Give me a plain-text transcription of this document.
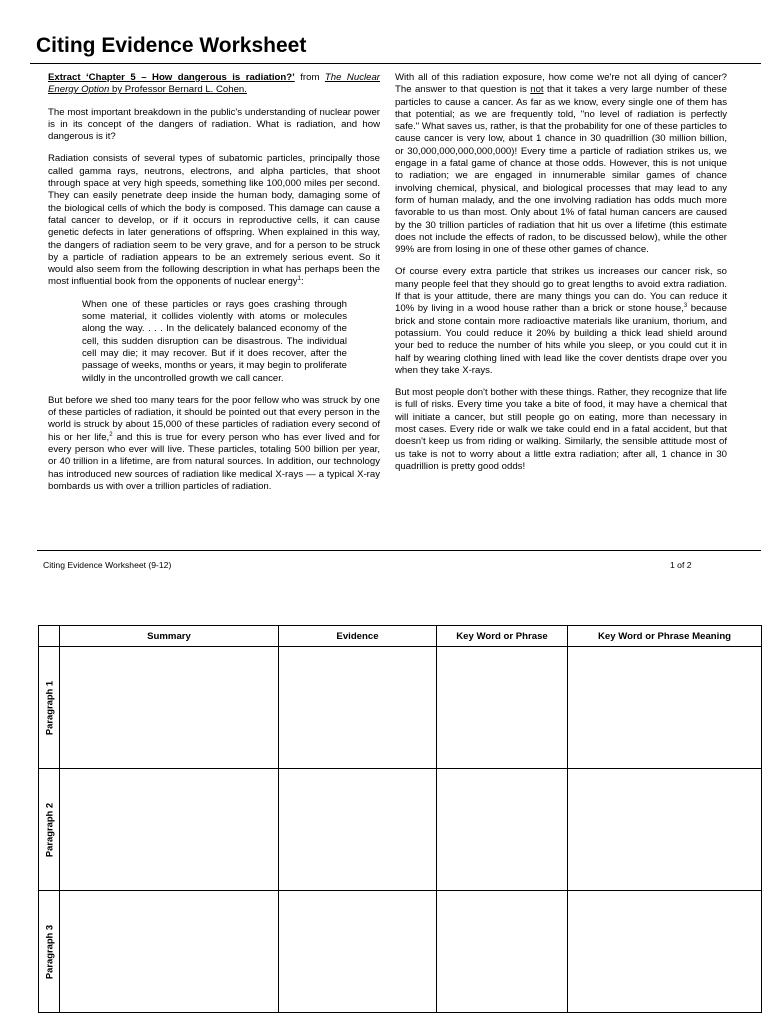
Citing Evidence Worksheet

Extract ‘Chapter 5 – How dangerous is radiation?’ from The Nuclear Energy Option by Professor Bernard L. Cohen.

The most important breakdown in the public's understanding of nuclear power is in its concept of the dangers of radiation. What is radiation, and how dangerous is it?

Radiation consists of several types of subatomic particles, principally those called gamma rays, neutrons, electrons, and alpha particles, that shoot through space at very high speeds, something like 100,000 miles per second. They can easily penetrate deep inside the human body, damaging some of the biological cells of which the body is composed. This damage can cause a fatal cancer to develop, or if it occurs in reproductive cells, it can cause genetic defects in later generations of offspring. When explained in this way, the dangers of radiation seem to be very grave, and for a person to be struck by a particle of radiation appears to be an extremely serious event. So it would also seem from the following description in what has perhaps been the most influential book from the opponents of nuclear energy$^1$:

When one of these particles or rays goes crashing through some material, it collides violently with atoms or molecules along the way. . . . In the delicately balanced economy of the cell, this sudden disruption can be disastrous. The individual cell may die; it may recover. But if it does recover, after the passage of weeks, months or years, it may begin to proliferate wildly in the uncontrolled growth we call cancer.

But before we shed too many tears for the poor fellow who was struck by one of these particles of radiation, it should be pointed out that every person in the world is struck by about 15,000 of these particles of radiation every second of his or her life,$^2$ and this is true for every person who has ever lived and for every person who ever will live. These particles, totaling 500 billion per year, or 40 trillion in a lifetime, are from natural sources. In addition, our technology has introduced new sources of radiation like medical X-rays — a typical X-ray bombards us with over a trillion particles of radiation.

With all of this radiation exposure, how come we're not all dying of cancer? The answer to that question is not that it takes a very large number of these particles to cause a cancer. As far as we know, every single one of them has that potential; as we are frequently told, "no level of radiation is perfectly safe." What saves us, rather, is that the probability for one of these particles to cause cancer is very low, about 1 chance in 30 quadrillion (30 million billion, or 30,000,000,000,000,000)! Every time a particle of radiation strikes us, we engage in a fatal game of chance at those odds. However, this is not unique to radiation; we are engaged in innumerable similar games of chance involving chemical, physical, and biological processes that may lead to any form of human malady, and the one involving radiation has odds much more favorable to us than most. Only about 1% of fatal human cancers are caused by the 30 trillion particles of radiation that hit us over a lifetime (this estimate does not include the effects of radon, to be discussed below), while the other 99% are from losing in one of these other games of chance.

Of course every extra particle that strikes us increases our cancer risk, so many people feel that they should go to great lengths to avoid extra radiation. If that is your attitude, there are many things you can do. You can reduce it 10% by living in a wood house rather than a brick or stone house,$^3$ because brick and stone contain more radioactive materials like uranium, thorium, and potassium. You could reduce it 20% by building a thick lead shield around your bed to reduce the number of hits while you sleep, or you could cut it in half by wearing clothing lined with lead like the cover dentists drape over you when they take X-rays.

But most people don't bother with these things. Rather, they recognize that life is full of risks. Every time you take a bite of food, it may have a chemical that will initiate a cancer, but still people go on eating, more than necessary in most cases. Every ride or walk we take could end in a fatal accident, but that doesn't keep us from riding or walking. Similarly, the sensible attitude most of us take is not to worry about a little extra radiation; after all, 1 chance in 30 quadrillion is pretty good odds!

Citing Evidence Worksheet (9-12)	1 of 2
	Summary	Evidence	Key Word or Phrase	Key Word or Phrase Meaning

Paragraph 1				

Paragraph 2				

Paragraph 3				
